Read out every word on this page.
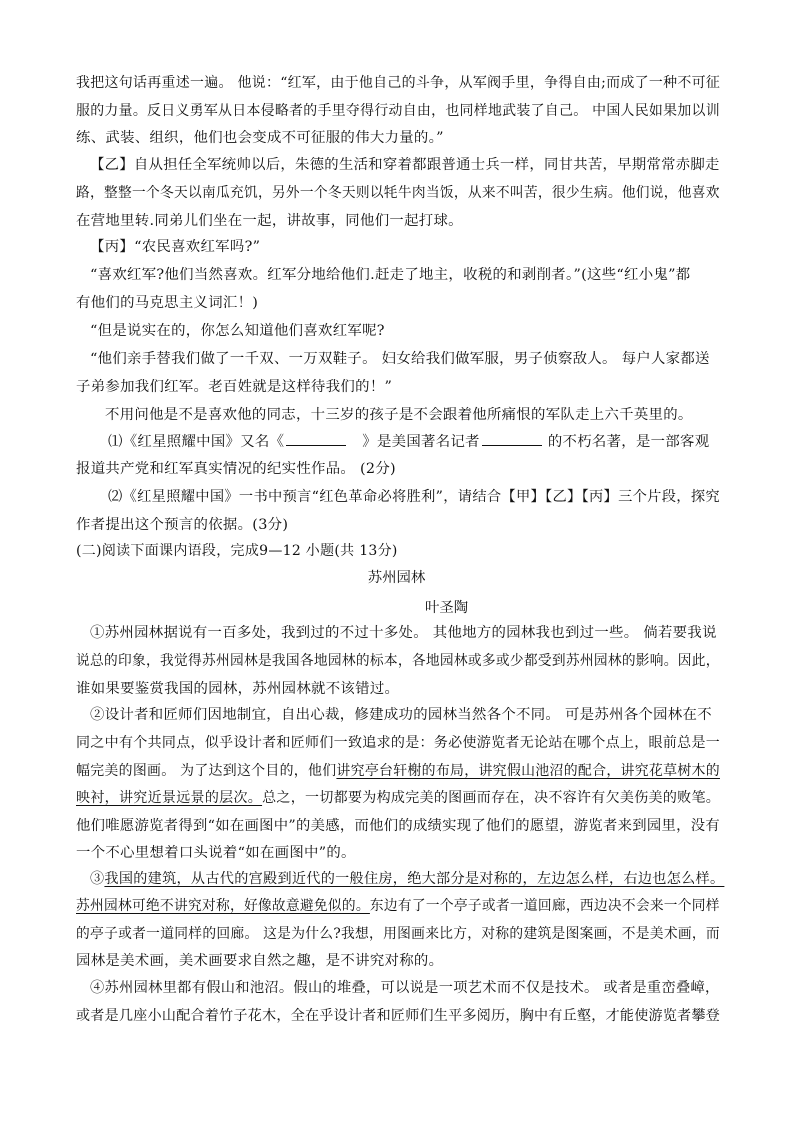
我把这句话再重述一遍。 他说：“红军，由于他自己的斗争，从军阀手里，争得自由;而成了一种不可征
服的力量。反日义勇军从日本侵略者的手里夺得行动自由，也同样地武装了自己。 中国人民如果加以训
练、武装、组织，他们也会变成不可征服的伟大力量的。”
【乙】自从担任全军统帅以后，朱德的生活和穿着都跟普通士兵一样，同甘共苦，早期常常赤脚走
路，整整一个冬天以南瓜充饥，另外一个冬天则以牦牛肉当饭，从来不叫苦，很少生病。他们说，他喜欢
在营地里转.同弟儿们坐在一起，讲故事，同他们一起打球。
【丙】“农民喜欢红军吗?”
“喜欢红军?他们当然喜欢。红军分地给他们.赶走了地主，收税的和剥削者。”(这些“红小鬼”都
有他们的马克思主义词汇！)
“但是说实在的，你怎么知道他们喜欢红军呢?
“他们亲手替我们做了一千双、一万双鞋子。 妇女给我们做军服，男子侦察敌人。 每户人家都送
子弟参加我们红军。老百姓就是这样待我们的！”
不用问他是不是喜欢他的同志，十三岁的孩子是不会跟着他所痛恨的军队走上六千英里的。
⑴《红星照耀中国》又名《	》是美国著名记者	的不朽名著，是一部客观
报道共产党和红军真实情况的纪实性作品。 (2分)
⑵《红星照耀中国》一书中预言“红色革命必将胜利”，请结合【甲】【乙】【丙】三个片段，探究
作者提出这个预言的依据。(3分)
(二)阅读下面课内语段，完成9—12 小题(共 13分)
苏州园林
叶圣陶
①苏州园林据说有一百多处，我到过的不过十多处。 其他地方的园林我也到过一些。 倘若要我说
说总的印象，我觉得苏州园林是我国各地园林的标本，各地园林或多或少都受到苏州园林的影响。因此，
谁如果要鉴赏我国的园林，苏州园林就不该错过。
②设计者和匠师们因地制宜，自出心裁，修建成功的园林当然各个不同。 可是苏州各个园林在不
同之中有个共同点，似乎设计者和匠师们一致追求的是：务必使游览者无论站在哪个点上，眼前总是一
幅完美的图画。 为了达到这个目的，他们讲究亭台轩榭的布局，讲究假山池沼的配合，讲究花草树木的
映衬，讲究近景远景的层次。总之，一切都要为构成完美的图画而存在，决不容许有欠美伤美的败笔。
他们唯愿游览者得到“如在画图中”的美感，而他们的成绩实现了他们的愿望，游览者来到园里，没有
一个不心里想着口头说着“如在画图中”的。
③我国的建筑，从古代的宫殿到近代的一般住房，绝大部分是对称的，左边怎么样，右边也怎么样。
苏州园林可绝不讲究对称，好像故意避免似的。东边有了一个亭子或者一道回廊，西边决不会来一个同样
的亭子或者一道同样的回廊。 这是为什么?我想，用图画来比方，对称的建筑是图案画，不是美术画，而
园林是美术画，美术画要求自然之趣，是不讲究对称的。
④苏州园林里都有假山和池沼。假山的堆叠，可以说是一项艺术而不仅是技术。 或者是重峦叠嶂，
或者是几座小山配合着竹子花木，全在乎设计者和匠师们生平多阅历，胸中有丘壑，才能使游览者攀登
